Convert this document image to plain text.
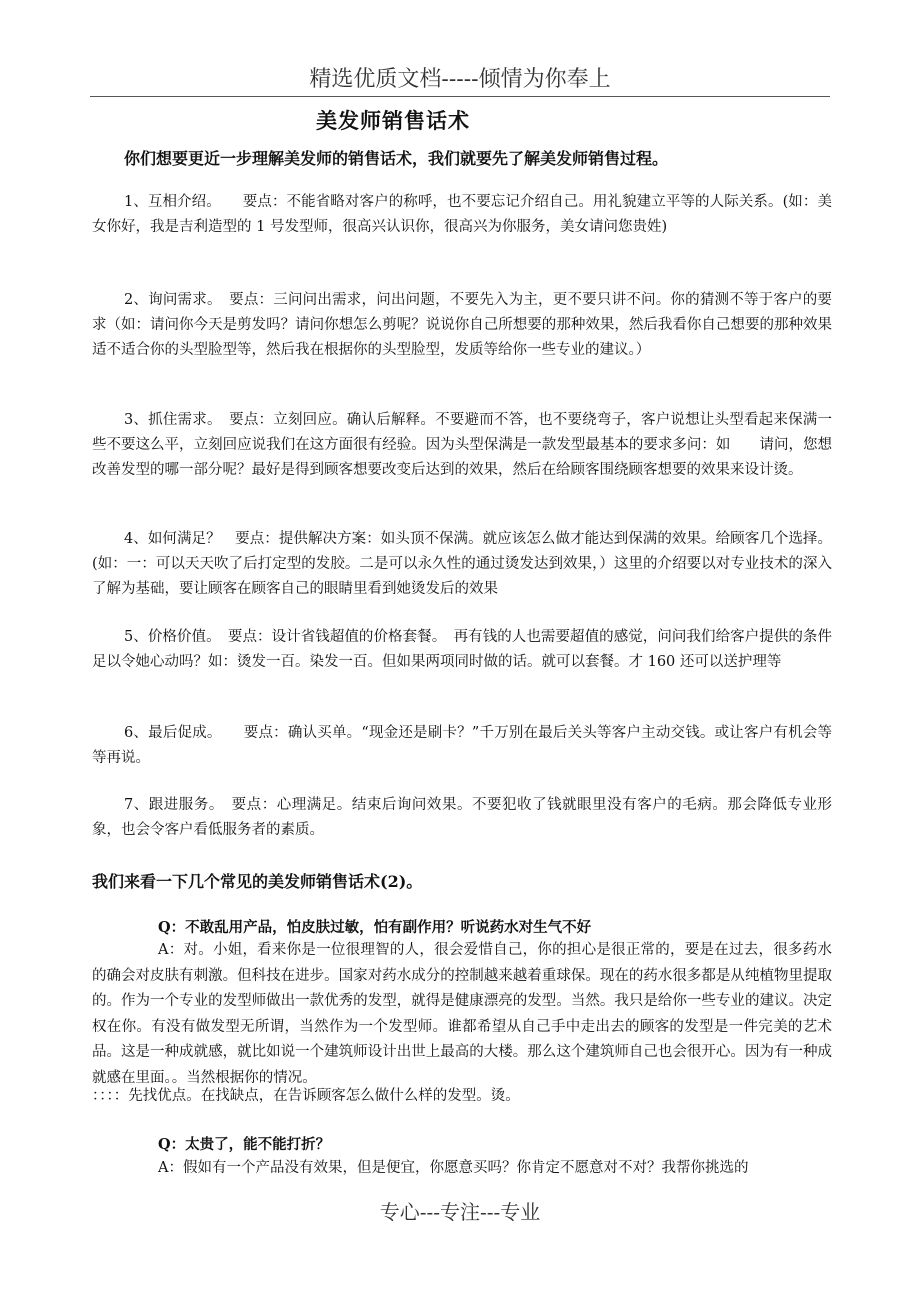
精选优质文档-----倾情为你奉上
美发师销售话术
你们想要更近一步理解美发师的销售话术，我们就要先了解美发师销售过程。
1、互相介绍。　　要点：不能省略对客户的称呼，也不要忘记介绍自己。用礼貌建立平等的人际关系。(如：美女你好，我是吉利造型的 1 号发型师，很高兴认识你，很高兴为你服务，美女请问您贵姓)
2、询问需求。　要点：三问问出需求，问出问题，不要先入为主，更不要只讲不问。你的猜测不等于客户的要求（如：请问你今天是剪发吗？请问你想怎么剪呢？说说你自己所想要的那种效果，然后我看你自己想要的那种效果适不适合你的头型脸型等，然后我在根据你的头型脸型，发质等给你一些专业的建议。）
3、抓住需求。　要点：立刻回应。确认后解释。不要避而不答，也不要绕弯子，客户说想让头型看起来保满一些不要这么平，立刻回应说我们在这方面很有经验。因为头型保满是一款发型最基本的要求多问：如　　请问，您想改善发型的哪一部分呢？最好是得到顾客想要改变后达到的效果，然后在给顾客围绕顾客想要的效果来设计烫。
4、如何满足？　要点：提供解决方案：如头顶不保满。就应该怎么做才能达到保满的效果。给顾客几个选择。(如：一：可以天天吹了后打定型的发胶。二是可以永久性的通过烫发达到效果，）这里的介绍要以对专业技术的深入了解为基础，要让顾客在顾客自己的眼睛里看到她烫发后的效果
5、价格价值。　要点：设计省钱超值的价格套餐。　再有钱的人也需要超值的感觉，问问我们给客户提供的条件足以令她心动吗？如：烫发一百。染发一百。但如果两项同时做的话。就可以套餐。才 160 还可以送护理等
6、最后促成。　　要点：确认买单。“现金还是刷卡？”千万别在最后关头等客户主动交钱。或让客户有机会等等再说。
7、跟进服务。　要点：心理满足。结束后询问效果。不要犯收了钱就眼里没有客户的毛病。那会降低专业形象，也会令客户看低服务者的素质。
我们来看一下几个常见的美发师销售话术(2)。
Q：不敢乱用产品，怕皮肤过敏，怕有副作用？听说药水对生气不好
A：对。小姐，看来你是一位很理智的人，很会爱惜自己，你的担心是很正常的，要是在过去，很多药水的确会对皮肤有刺激。但科技在进步。国家对药水成分的控制越来越着重球保。现在的药水很多都是从纯植物里提取的。作为一个专业的发型师做出一款优秀的发型，就得是健康漂亮的发型。当然。我只是给你一些专业的建议。决定权在你。有没有做发型无所谓，当然作为一个发型师。谁都希望从自己手中走出去的顾客的发型是一件完美的艺术品。这是一种成就感，就比如说一个建筑师设计出世上最高的大楼。那么这个建筑师自己也会很开心。因为有一种成就感在里面。。当然根据你的情况。
：：：：先找优点。在找缺点，在告诉顾客怎么做什么样的发型。烫。
Q：太贵了，能不能打折？
A：假如有一个产品没有效果，但是便宜，你愿意买吗？你肯定不愿意对不对？我帮你挑选的
专心---专注---专业
